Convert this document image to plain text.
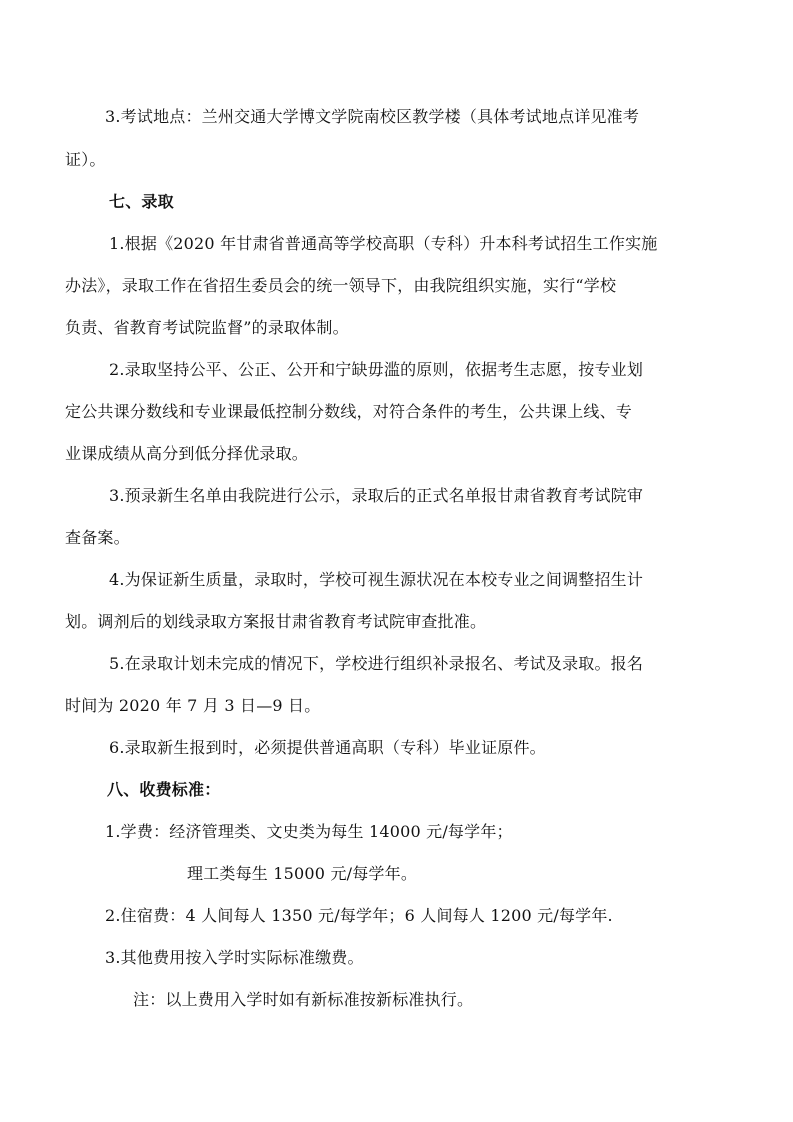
3.考试地点：兰州交通大学博文学院南校区教学楼（具体考试地点详见准考
证）。
七、录取
1.根据《2020 年甘肃省普通高等学校高职（专科）升本科考试招生工作实施
办法》，录取工作在省招生委员会的统一领导下，由我院组织实施，实行“学校
负责、省教育考试院监督”的录取体制。
2.录取坚持公平、公正、公开和宁缺毋滥的原则，依据考生志愿，按专业划
定公共课分数线和专业课最低控制分数线，对符合条件的考生，公共课上线、专
业课成绩从高分到低分择优录取。
3.预录新生名单由我院进行公示，录取后的正式名单报甘肃省教育考试院审
查备案。
4.为保证新生质量，录取时，学校可视生源状况在本校专业之间调整招生计
划。调剂后的划线录取方案报甘肃省教育考试院审查批准。
5.在录取计划未完成的情况下，学校进行组织补录报名、考试及录取。报名
时间为 2020 年 7 月 3 日—9 日。
6.录取新生报到时，必须提供普通高职（专科）毕业证原件。
八、收费标准：
1.学费：经济管理类、文史类为每生 14000 元/每学年；
理工类每生 15000 元/每学年。
2.住宿费：4 人间每人 1350 元/每学年；6 人间每人 1200 元/每学年.
3.其他费用按入学时实际标准缴费。
注：以上费用入学时如有新标准按新标准执行。
